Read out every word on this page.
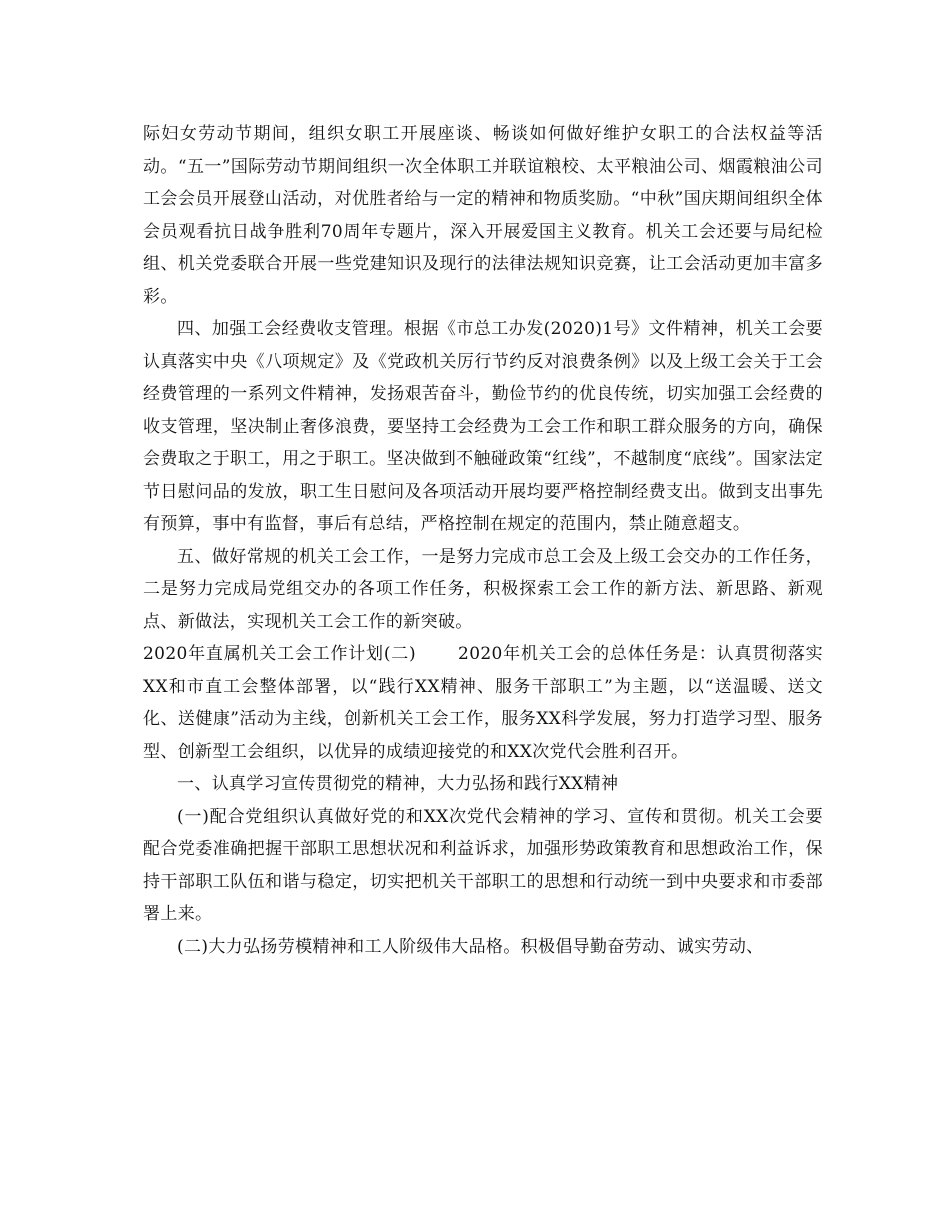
际妇女劳动节期间，组织女职工开展座谈、畅谈如何做好维护女职工的合法权益等活动。“五一”国际劳动节期间组织一次全体职工并联谊粮校、太平粮油公司、烟霞粮油公司工会会员开展登山活动，对优胜者给与一定的精神和物质奖励。“中秋”国庆期间组织全体会员观看抗日战争胜利70周年专题片，深入开展爱国主义教育。机关工会还要与局纪检组、机关党委联合开展一些党建知识及现行的法律法规知识竞赛，让工会活动更加丰富多彩。

四、加强工会经费收支管理。根据《市总工办发(2020)1号》文件精神，机关工会要认真落实中央《八项规定》及《党政机关厉行节约反对浪费条例》以及上级工会关于工会经费管理的一系列文件精神，发扬艰苦奋斗，勤俭节约的优良传统，切实加强工会经费的收支管理，坚决制止奢侈浪费，要坚持工会经费为工会工作和职工群众服务的方向，确保会费取之于职工，用之于职工。坚决做到不触碰政策“红线”，不越制度“底线”。国家法定节日慰问品的发放，职工生日慰问及各项活动开展均要严格控制经费支出。做到支出事先有预算，事中有监督，事后有总结，严格控制在规定的范围内，禁止随意超支。

五、做好常规的机关工会工作，一是努力完成市总工会及上级工会交办的工作任务，二是努力完成局党组交办的各项工作任务，积极探索工会工作的新方法、新思路、新观点、新做法，实现机关工会工作的新突破。

2020年直属机关工会工作计划(二) 2020年机关工会的总体任务是：认真贯彻落实XX和市直工会整体部署，以“践行XX精神、服务干部职工”为主题，以“送温暖、送文化、送健康”活动为主线，创新机关工会工作，服务XX科学发展，努力打造学习型、服务型、创新型工会组织，以优异的成绩迎接党的和XX次党代会胜利召开。

一、认真学习宣传贯彻党的精神，大力弘扬和践行XX精神

(一)配合党组织认真做好党的和XX次党代会精神的学习、宣传和贯彻。机关工会要配合党委准确把握干部职工思想状况和利益诉求，加强形势政策教育和思想政治工作，保持干部职工队伍和谐与稳定，切实把机关干部职工的思想和行动统一到中央要求和市委部署上来。

(二)大力弘扬劳模精神和工人阶级伟大品格。积极倡导勤奋劳动、诚实劳动、
